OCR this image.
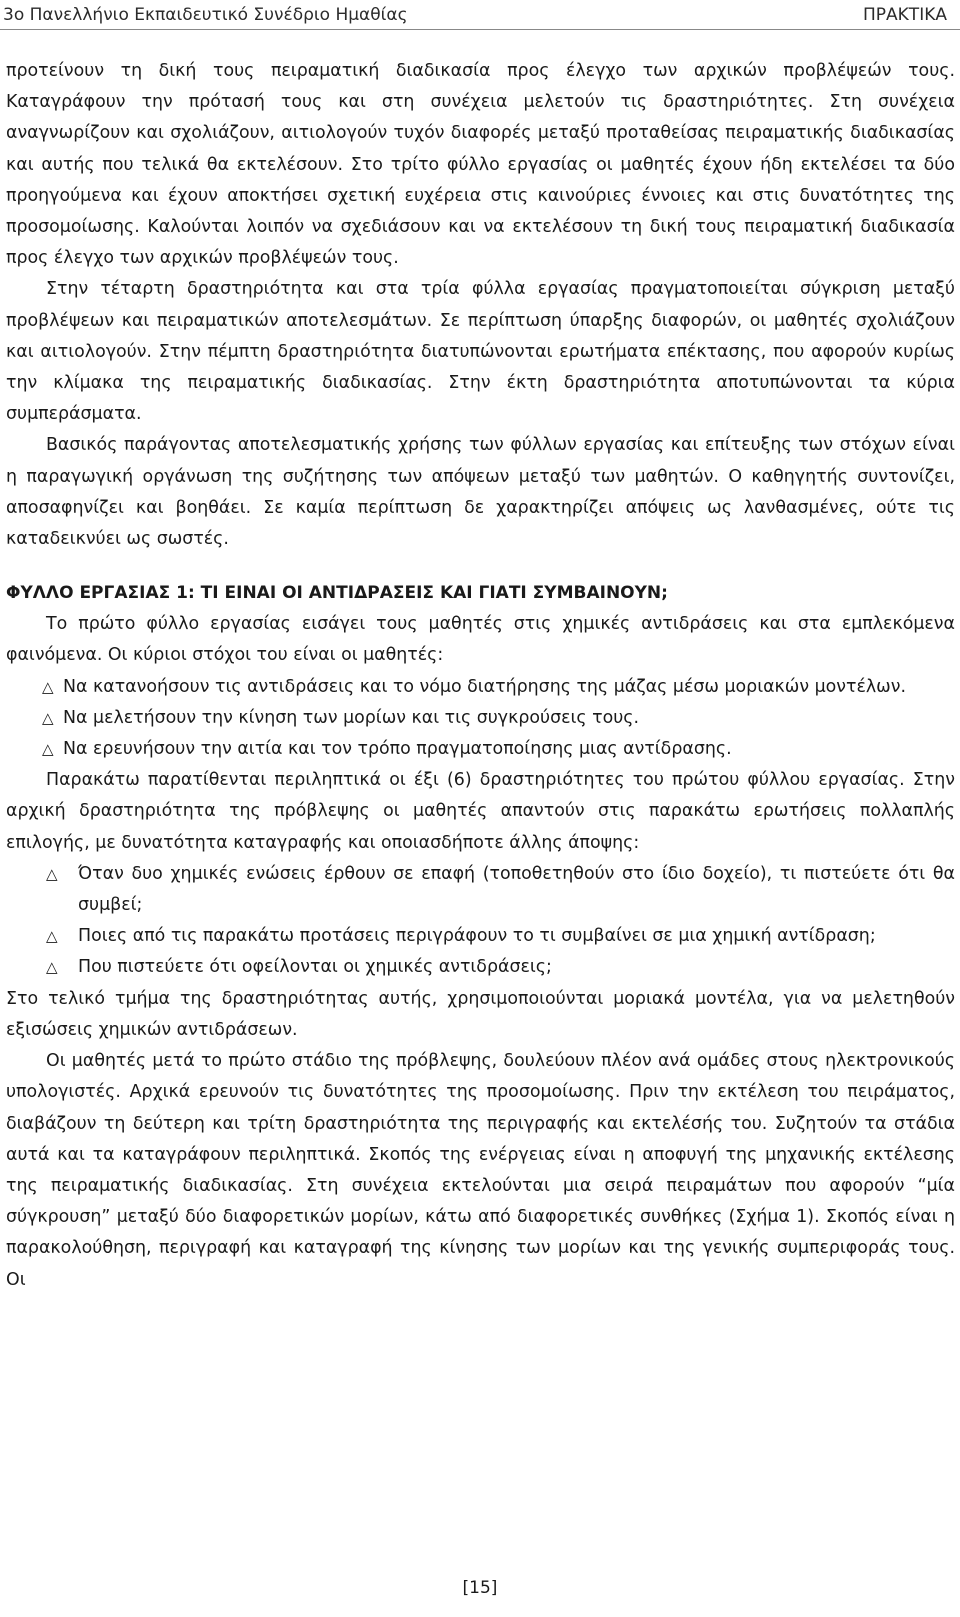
3ο Πανελλήνιο Εκπαιδευτικό Συνέδριο Ημαθίας	ΠΡΑΚΤΙΚΑ

προτείνουν τη δική τους πειραματική διαδικασία προς έλεγχο των αρχικών προβλέψεών τους. Καταγράφουν την πρότασή τους και στη συνέχεια μελετούν τις δραστηριότητες. Στη συνέχεια αναγνωρίζουν και σχολιάζουν, αιτιολογούν τυχόν διαφορές μεταξύ προταθείσας πειραματικής διαδικασίας και αυτής που τελικά θα εκτελέσουν. Στο τρίτο φύλλο εργασίας οι μαθητές έχουν ήδη εκτελέσει τα δύο προηγούμενα και έχουν αποκτήσει σχετική ευχέρεια στις καινούριες έννοιες και στις δυνατότητες της προσομοίωσης. Καλούνται λοιπόν να σχεδιάσουν και να εκτελέσουν τη δική τους πειραματική διαδικασία προς έλεγχο των αρχικών προβλέψεών τους.

Στην τέταρτη δραστηριότητα και στα τρία φύλλα εργασίας πραγματοποιείται σύγκριση μεταξύ προβλέψεων και πειραματικών αποτελεσμάτων. Σε περίπτωση ύπαρξης διαφορών, οι μαθητές σχολιάζουν και αιτιολογούν. Στην πέμπτη δραστηριότητα διατυπώνονται ερωτήματα επέκτασης, που αφορούν κυρίως την κλίμακα της πειραματικής διαδικασίας. Στην έκτη δραστηριότητα αποτυπώνονται τα κύρια συμπεράσματα.

Βασικός παράγοντας αποτελεσματικής χρήσης των φύλλων εργασίας και επίτευξης των στόχων είναι η παραγωγική οργάνωση της συζήτησης των απόψεων μεταξύ των μαθητών. Ο καθηγητής συντονίζει, αποσαφηνίζει και βοηθάει. Σε καμία περίπτωση δε χαρακτηρίζει απόψεις ως λανθασμένες, ούτε τις καταδεικνύει ως σωστές.

ΦΥΛΛΟ ΕΡΓΑΣΙΑΣ 1: ΤΙ ΕΙΝΑΙ ΟΙ ΑΝΤΙΔΡΑΣΕΙΣ ΚΑΙ ΓΙΑΤΙ ΣΥΜΒΑΙΝΟΥΝ;

Το πρώτο φύλλο εργασίας εισάγει τους μαθητές στις χημικές αντιδράσεις και στα εμπλεκόμενα φαινόμενα. Οι κύριοι στόχοι του είναι οι μαθητές:

△ Να κατανοήσουν τις αντιδράσεις και το νόμο διατήρησης της μάζας μέσω μοριακών μοντέλων.

△ Να μελετήσουν την κίνηση των μορίων και τις συγκρούσεις τους.

△ Να ερευνήσουν την αιτία και τον τρόπο πραγματοποίησης μιας αντίδρασης.

Παρακάτω παρατίθενται περιληπτικά οι έξι (6) δραστηριότητες του πρώτου φύλλου εργασίας. Στην αρχική δραστηριότητα της πρόβλεψης οι μαθητές απαντούν στις παρακάτω ερωτήσεις πολλαπλής επιλογής, με δυνατότητα καταγραφής και οποιασδήποτε άλλης άποψης:

△ Όταν δυο χημικές ενώσεις έρθουν σε επαφή (τοποθετηθούν στο ίδιο δοχείο), τι πιστεύετε ότι θα συμβεί;

△ Ποιες από τις παρακάτω προτάσεις περιγράφουν το τι συμβαίνει σε μια χημική αντίδραση;

△ Που πιστεύετε ότι οφείλονται οι χημικές αντιδράσεις;

Στο τελικό τμήμα της δραστηριότητας αυτής, χρησιμοποιούνται μοριακά μοντέλα, για να μελετηθούν εξισώσεις χημικών αντιδράσεων.

Οι μαθητές μετά το πρώτο στάδιο της πρόβλεψης, δουλεύουν πλέον ανά ομάδες στους ηλεκτρονικούς υπολογιστές. Αρχικά ερευνούν τις δυνατότητες της προσομοίωσης. Πριν την εκτέλεση του πειράματος, διαβάζουν τη δεύτερη και τρίτη δραστηριότητα της περιγραφής και εκτελέσής του. Συζητούν τα στάδια αυτά και τα καταγράφουν περιληπτικά. Σκοπός της ενέργειας είναι η αποφυγή της μηχανικής εκτέλεσης της πειραματικής διαδικασίας. Στη συνέχεια εκτελούνται μια σειρά πειραμάτων που αφορούν “μία σύγκρουση” μεταξύ δύο διαφορετικών μορίων, κάτω από διαφορετικές συνθήκες (Σχήμα 1). Σκοπός είναι η παρακολούθηση, περιγραφή και καταγραφή της κίνησης των μορίων και της γενικής συμπεριφοράς τους. Οι

[15]
